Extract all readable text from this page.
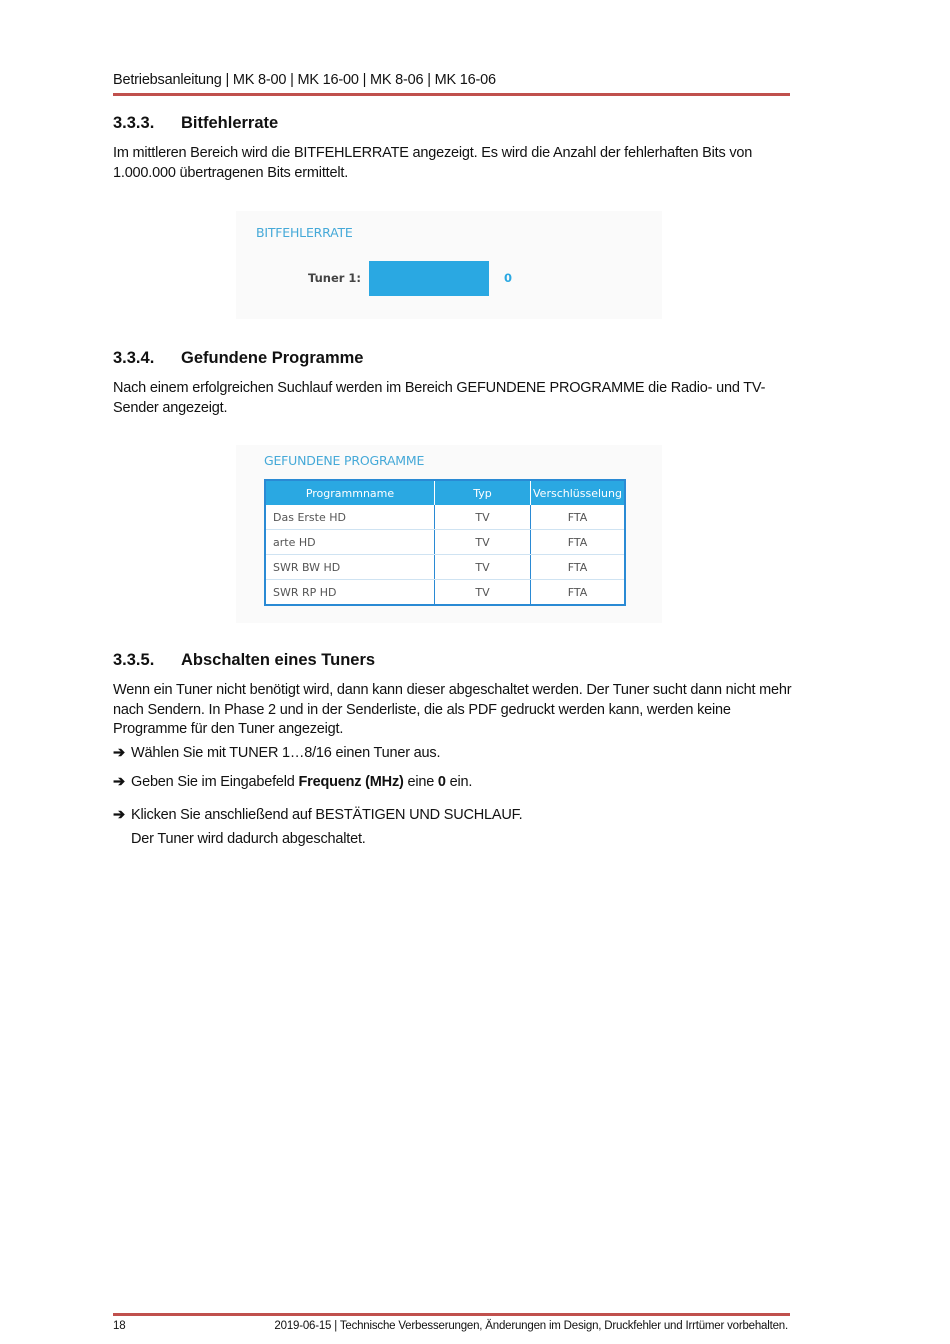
Betriebsanleitung | MK 8-00 | MK 16-00 | MK 8-06 | MK 16-06
3.3.3. Bitfehlerrate
Im mittleren Bereich wird die BITFEHLERRATE angezeigt. Es wird die Anzahl der fehlerhaften Bits von 1.000.000 übertragenen Bits ermittelt.
BITFEHLERRATE
Tuner 1:	0
3.3.4. Gefundene Programme
Nach einem erfolgreichen Suchlauf werden im Bereich GEFUNDENE PROGRAMME die Radio- und TV-Sender angezeigt.
GEFUNDENE PROGRAMME
Programmname	Typ	Verschlüsselung
Das Erste HD	TV	FTA
arte HD	TV	FTA
SWR BW HD	TV	FTA
SWR RP HD	TV	FTA
3.3.5. Abschalten eines Tuners
Wenn ein Tuner nicht benötigt wird, dann kann dieser abgeschaltet werden. Der Tuner sucht dann nicht mehr nach Sendern. In Phase 2 und in der Senderliste, die als PDF gedruckt werden kann, werden keine Programme für den Tuner angezeigt.
➔ Wählen Sie mit TUNER 1…8/16 einen Tuner aus.
➔ Geben Sie im Eingabefeld Frequenz (MHz) eine 0 ein.
➔ Klicken Sie anschließend auf BESTÄTIGEN UND SUCHLAUF.
Der Tuner wird dadurch abgeschaltet.
18	2019-06-15 | Technische Verbesserungen, Änderungen im Design, Druckfehler und Irrtümer vorbehalten.
